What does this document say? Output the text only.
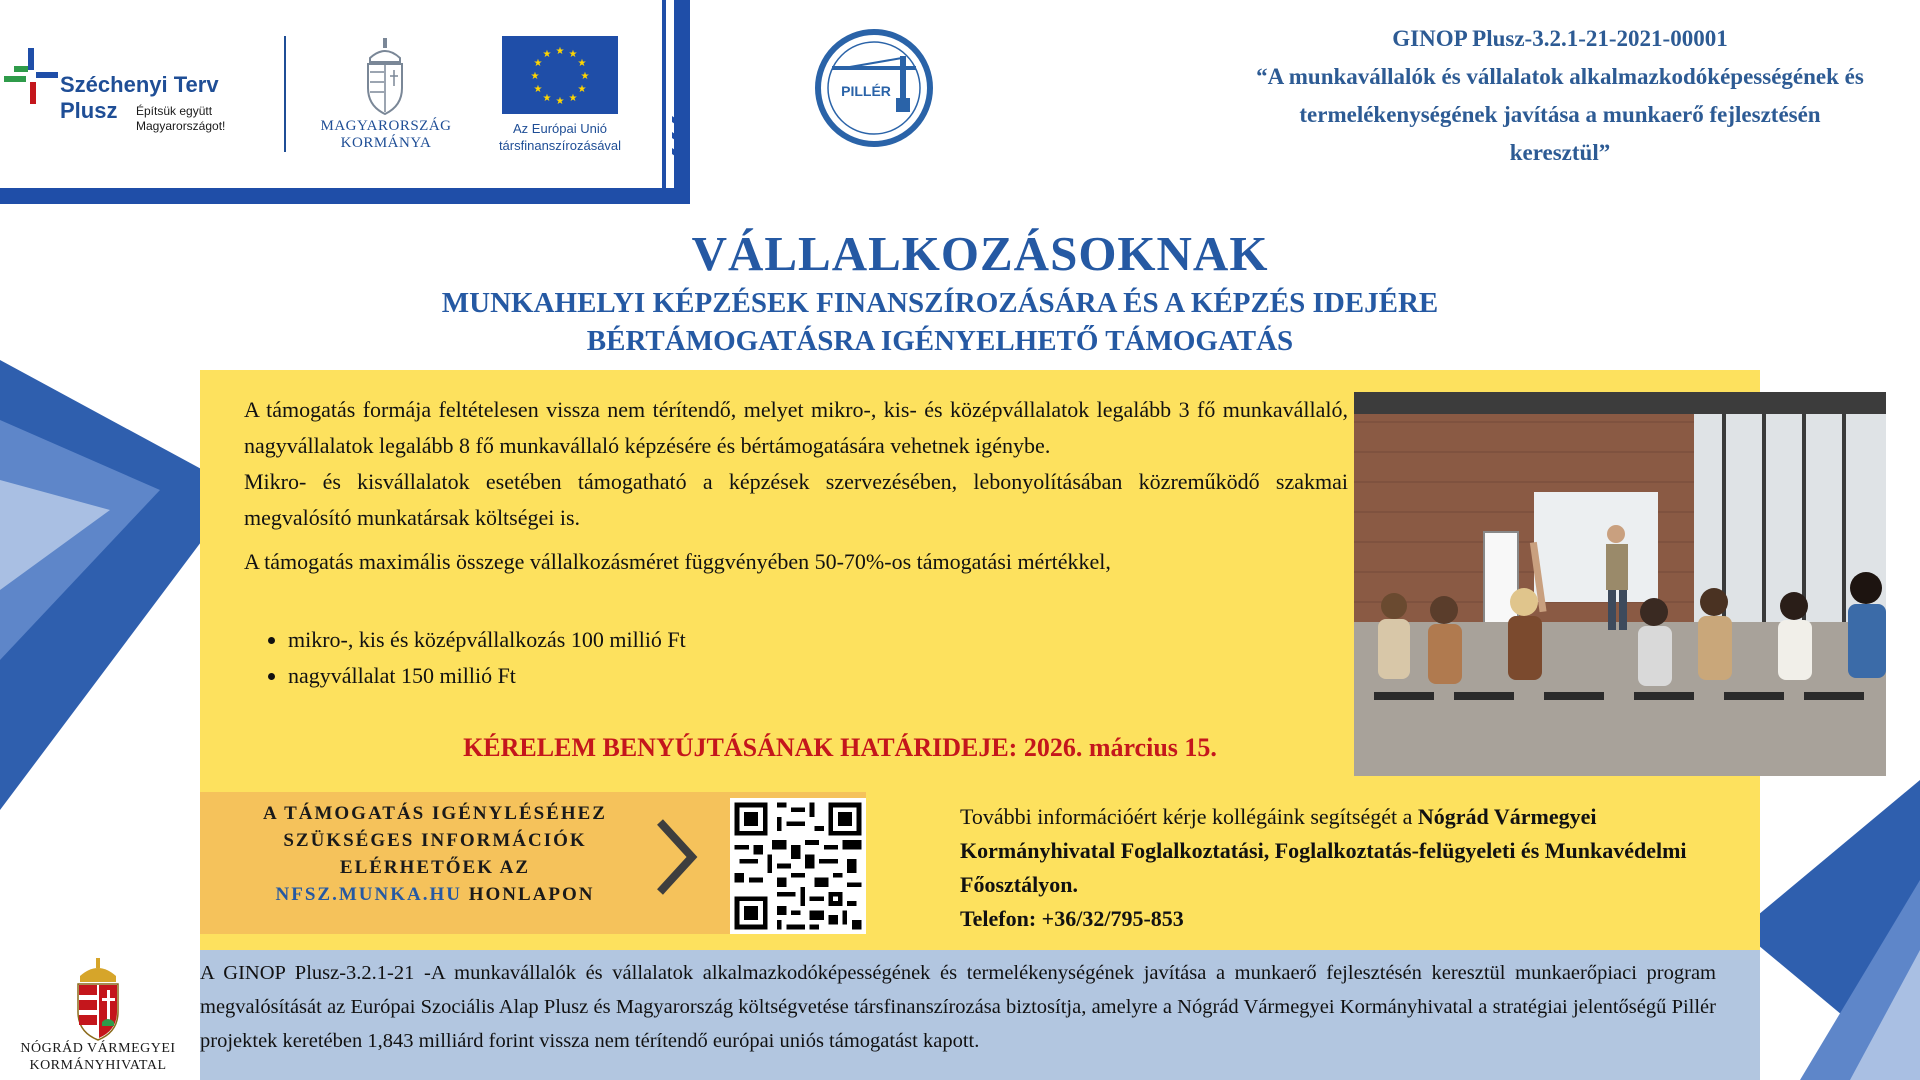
Széchenyi Terv
Plusz Építsük együtt Magyarországot!	MAGYARORSZÁG KORMÁNYA
★ ★
★
★
★
★
★
★
★
★
★
★
Az Európai Unió társfinanszírozásával
PILLÉR
GINOP Plusz-3.2.1-21-2021-00001
“A munkavállalók és vállalatok alkalmazkodóképességének és termelékenységének javítása a munkaerő fejlesztésén keresztül”
VÁLLALKOZÁSOKNAK
MUNKAHELYI KÉPZÉSEK FINANSZÍROZÁSÁRA ÉS A KÉPZÉS IDEJÉRE
BÉRTÁMOGATÁSRA IGÉNYELHETŐ TÁMOGATÁS

A támogatás formája feltételesen vissza nem térítendő, melyet mikro-, kis- és középvállalatok legalább 3 fő munkavállaló, nagyvállalatok legalább 8 fő munkavállaló képzésére és bértámogatására vehetnek igénybe.

Mikro- és kisvállalatok esetében támogatható a képzések szervezésében, lebonyolításában közreműködő szakmai megvalósító munkatársak költségei is.

A támogatás maximális összege vállalkozásméret függvényében 50-70%-os támogatási mértékkel,

• mikro-, kis és középvállalkozás 100 millió Ft
• nagyvállalat 150 millió Ft
KÉRELEM BENYÚJTÁSÁNAK HATÁRIDEJE: 2026. március 15.
A TÁMOGATÁS IGÉNYLÉSÉHEZ
SZÜKSÉGES INFORMÁCIÓK
ELÉRHETŐEK AZ
NFSZ.MUNKA.HU HONLAPON
További információért kérje kollégáink segítségét a Nógrád Vármegyei Kormányhivatal Foglalkoztatási, Foglalkoztatás-felügyeleti és Munkavédelmi Főosztályon.
Telefon: +36/32/795-853
A GINOP Plusz-3.2.1-21 -A munkavállalók és vállalatok alkalmazkodóképességének és termelékenységének javítása a munkaerő fejlesztésén keresztül munkaerőpiaci program megvalósítását az Európai Szociális Alap Plusz és Magyarország költségvetése társfinanszírozása biztosítja, amelyre a Nógrád Vármegyei Kormányhivatal a stratégiai jelentőségű Pillér projektek keretében 1,843 milliárd forint vissza nem térítendő európai uniós támogatást kapott.
NÓGRÁD VÁRMEGYEI
KORMÁNYHIVATAL
